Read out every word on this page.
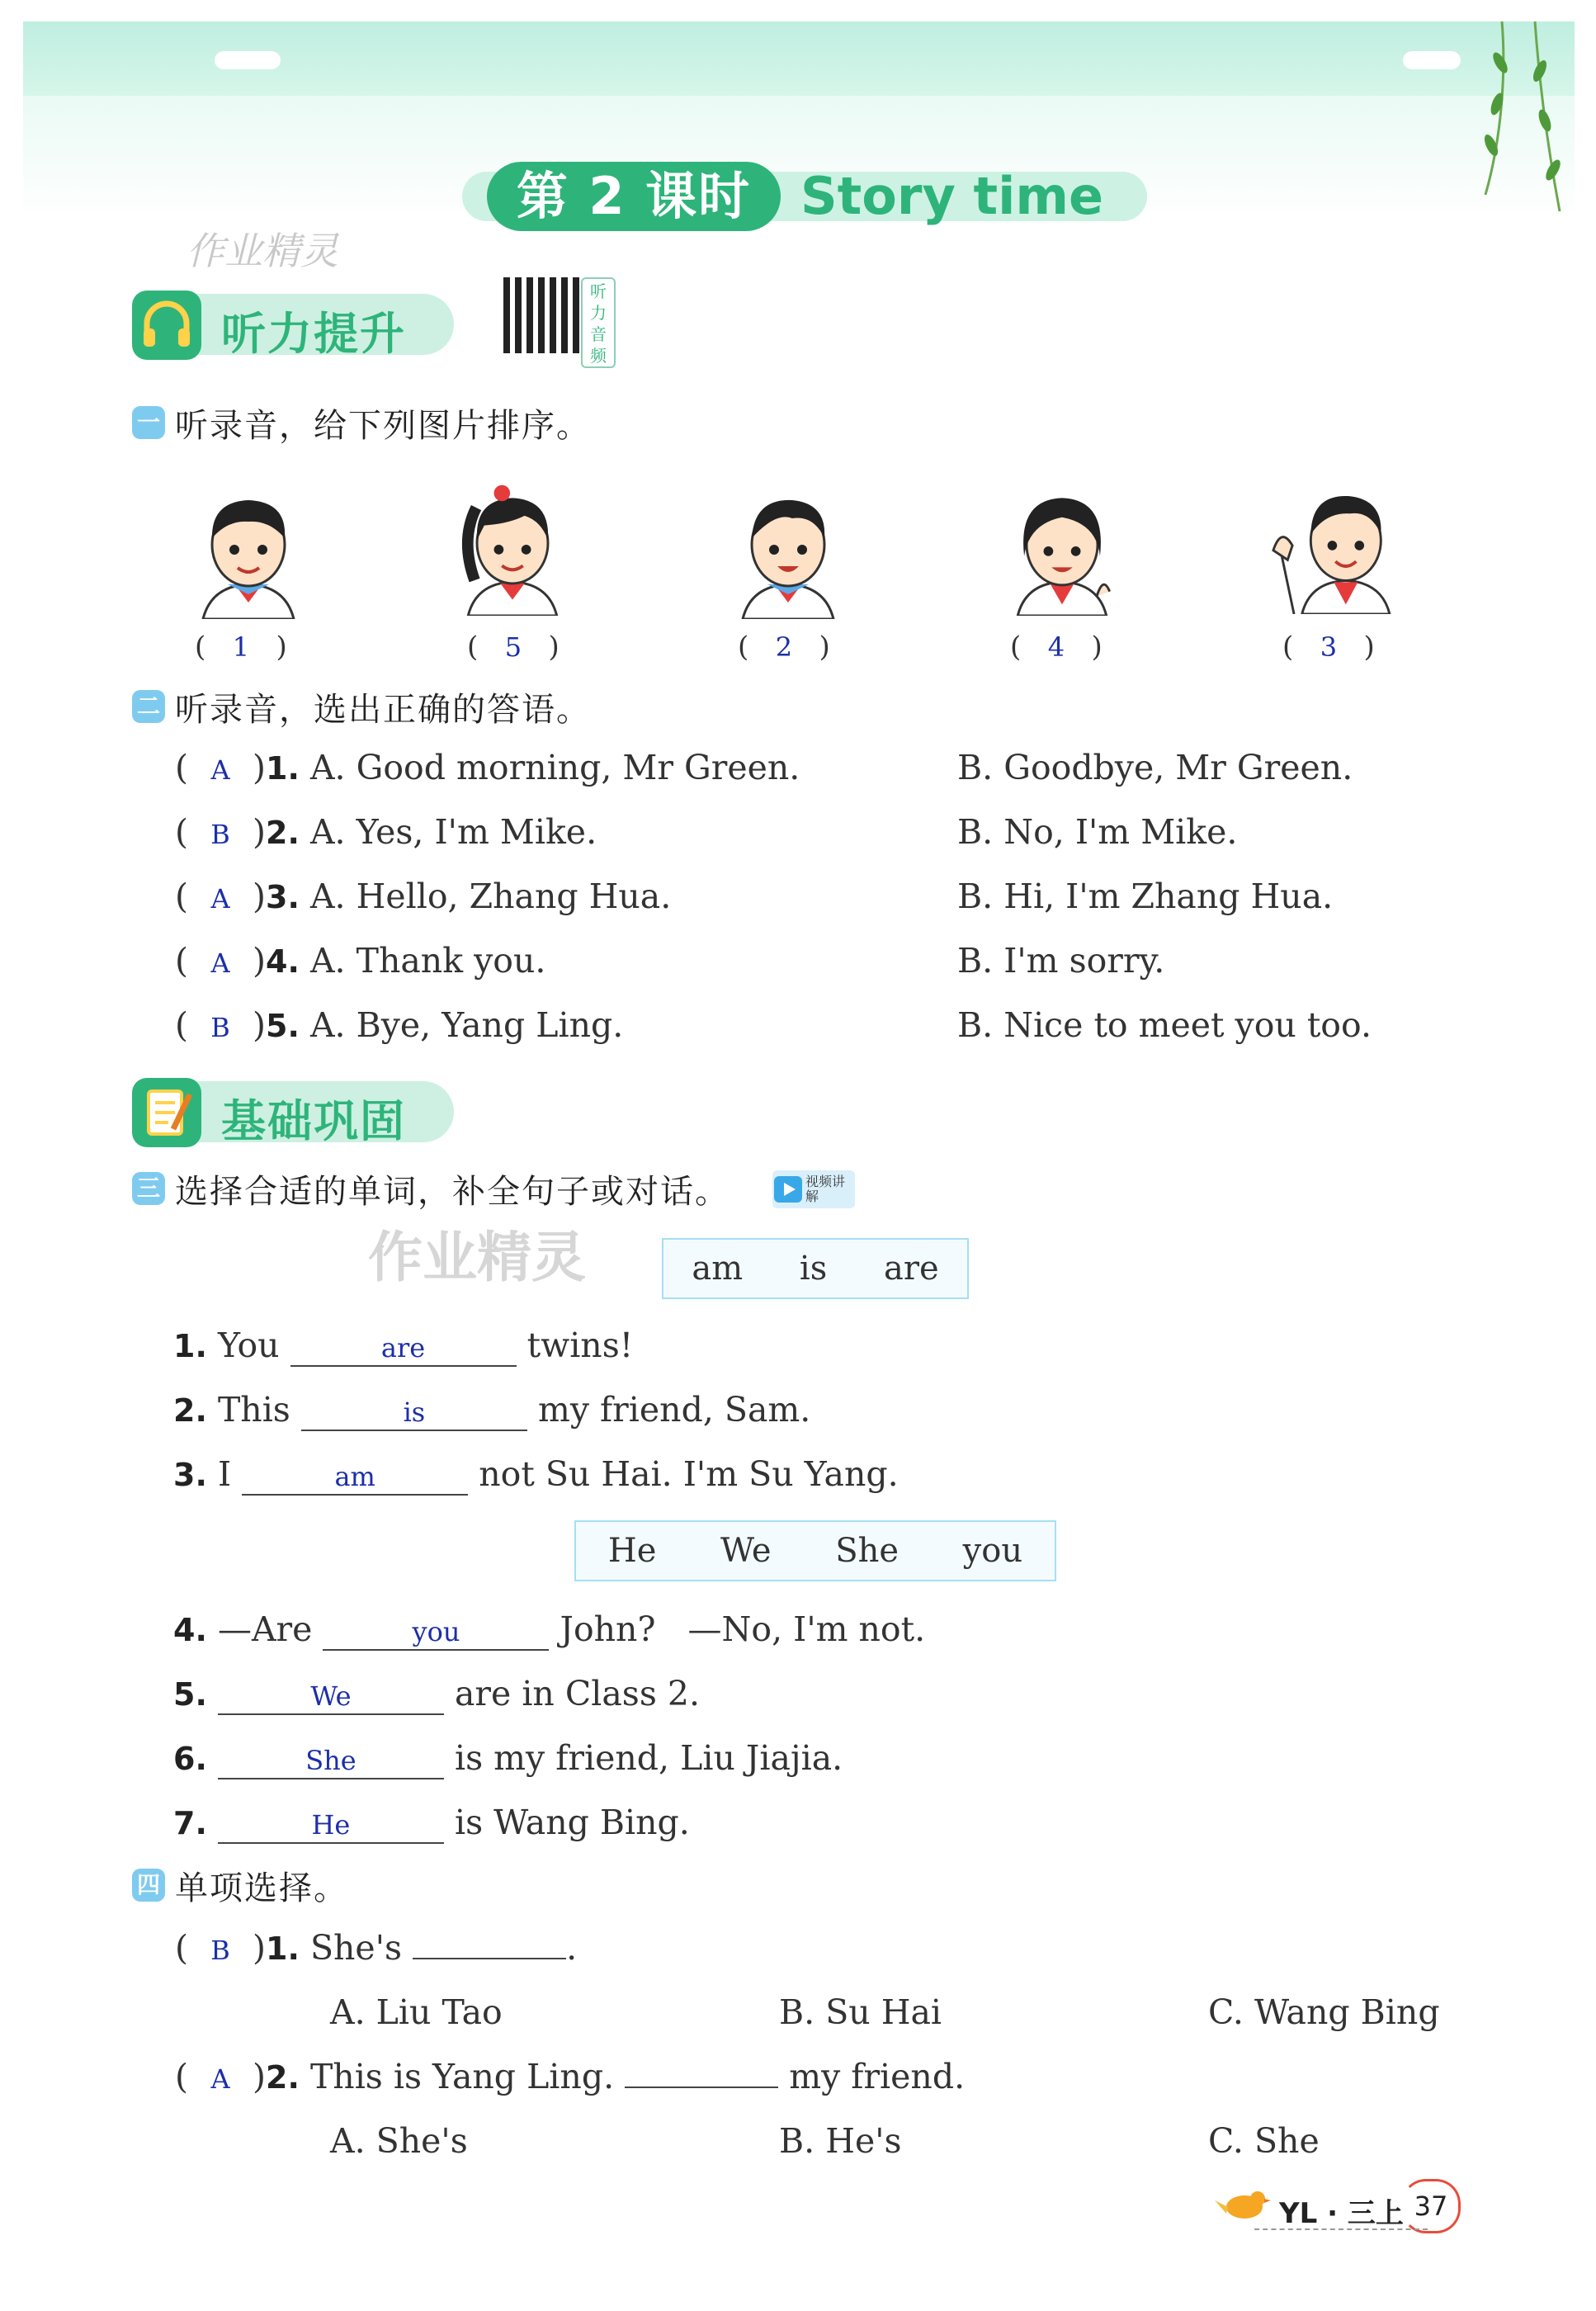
第 2 课时 Story time
作业精灵
听力提升
听力音频
一 听录音，给下列图片排序。
(   1   )	(   5   )	(   2   )	(   4   )	(   3   )
二 听录音，选出正确的答语。
( A )1. A. Good morning, Mr Green.	B. Goodbye, Mr Green.
( B )2. A. Yes, I'm Mike.	B. No, I'm Mike.
( A )3. A. Hello, Zhang Hua.	B. Hi, I'm Zhang Hua.
( A )4. A. Thank you.	B. I'm sorry.
( B )5. A. Bye, Yang Ling.	B. Nice to meet you too.
基础巩固
三 选择合适的单词，补全句子或对话。	视频讲解
作业精灵	am is are
1. You	are	twins!
2. This	is	my friend, Sam.
3. I	am	not Su Hai. I'm Su Yang.
He We She you
4. —Are	you	John?   —No, I'm not.
5.	We	are in Class 2.
6.	She	is my friend, Liu Jiajia.
7.	He	is Wang Bing.
四 单项选择。
( B )1. She's	.
A. Liu Tao	B. Su Hai	C. Wang Bing
( A )2. This is Yang Ling.	my friend.
A. She's	B. He's	C. She
YL · 三上 37
